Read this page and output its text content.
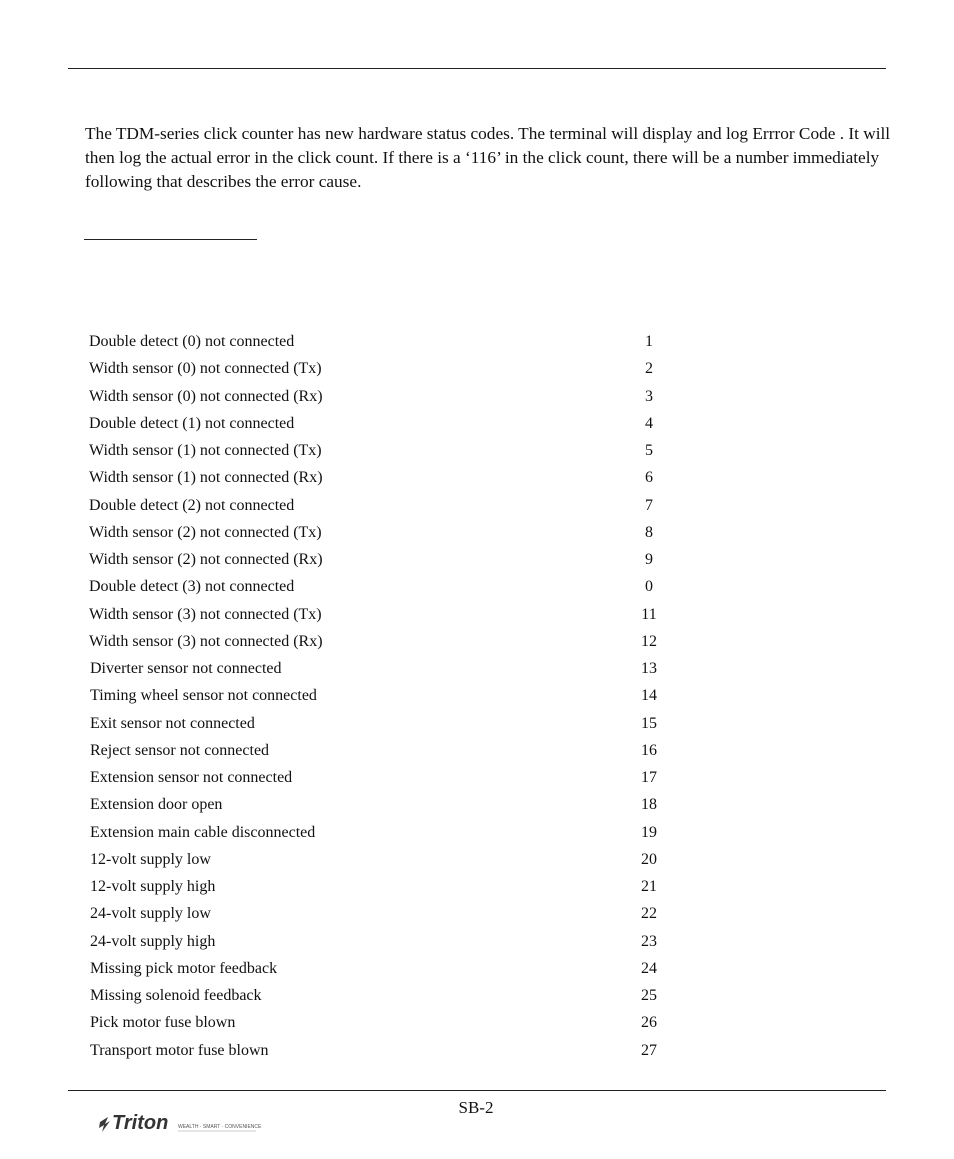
The TDM-series click counter has new hardware status codes. The terminal will display and log Errror Code . It will then log the actual error in the click count. If there is a ‘116’ in the click count, there will be a number immediately following that describes the error cause.

Double detect (0) not connected	1
Width sensor (0) not connected (Tx)	2
Width sensor (0) not connected (Rx)	3
Double detect (1) not connected	4
Width sensor (1) not connected (Tx)	5
Width sensor (1) not connected (Rx)	6
Double detect (2) not connected	7
Width sensor (2) not connected (Tx)	8
Width sensor (2) not connected (Rx)	9
Double detect (3) not connected	0
Width sensor (3) not connected (Tx)	11
Width sensor (3) not connected (Rx)	12
Diverter sensor not connected	13
Timing wheel sensor not connected	14
Exit sensor not connected	15
Reject sensor not connected	16
Extension sensor not connected	17
Extension door open	18
Extension main cable disconnected	19
12-volt supply low	20
12-volt supply high	21
24-volt supply low	22
24-volt supply high	23
Missing pick motor feedback	24
Missing solenoid feedback	25
Pick motor fuse blown	26
Transport motor fuse blown	27
SB-2
Triton WEALTH · SMART · CONVENIENCE
